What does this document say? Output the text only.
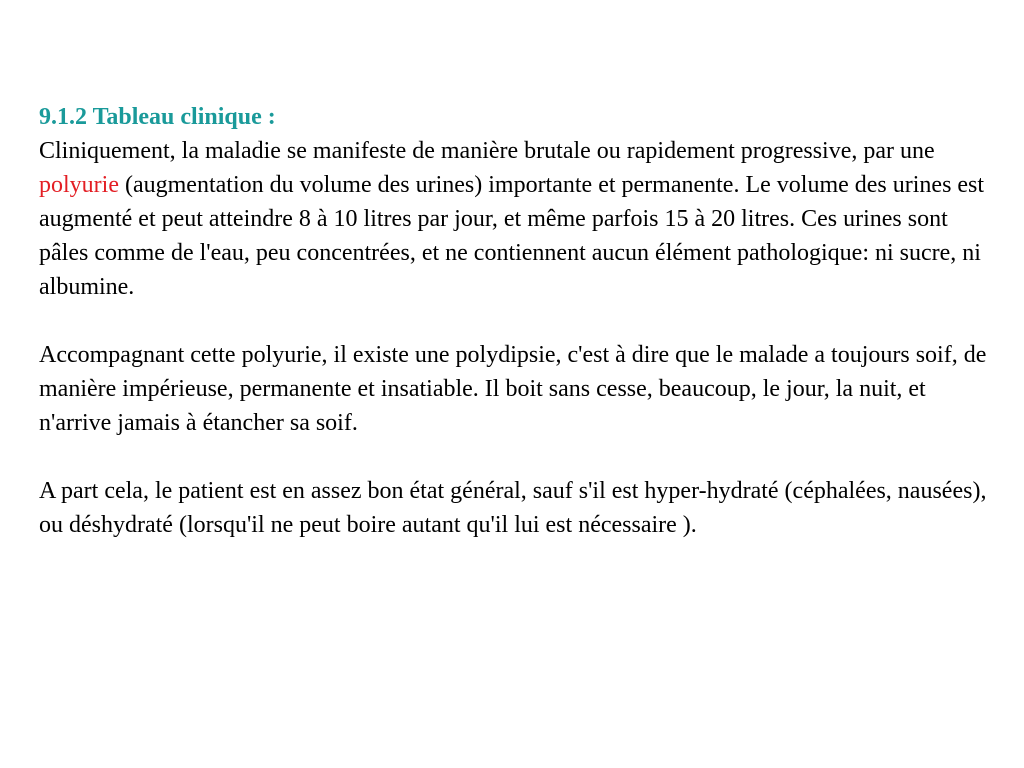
9.1.2 Tableau clinique :

Cliniquement, la maladie se manifeste de manière brutale ou rapidement progressive, par une polyurie (augmentation du volume des urines) importante et permanente. Le volume des urines est augmenté et peut atteindre 8 à 10 litres par jour, et même parfois 15 à 20 litres. Ces urines sont pâles comme de l'eau, peu concentrées, et ne contiennent aucun élément pathologique: ni sucre, ni albumine.

Accompagnant cette polyurie, il existe une polydipsie, c'est à dire que le malade a toujours soif, de manière impérieuse, permanente et insatiable. Il boit sans cesse, beaucoup, le jour, la nuit, et n'arrive jamais à étancher sa soif.

A part cela, le patient est en assez bon état général, sauf s'il est hyper-hydraté (céphalées, nausées), ou déshydraté (lorsqu'il ne peut boire autant qu'il lui est nécessaire ).
